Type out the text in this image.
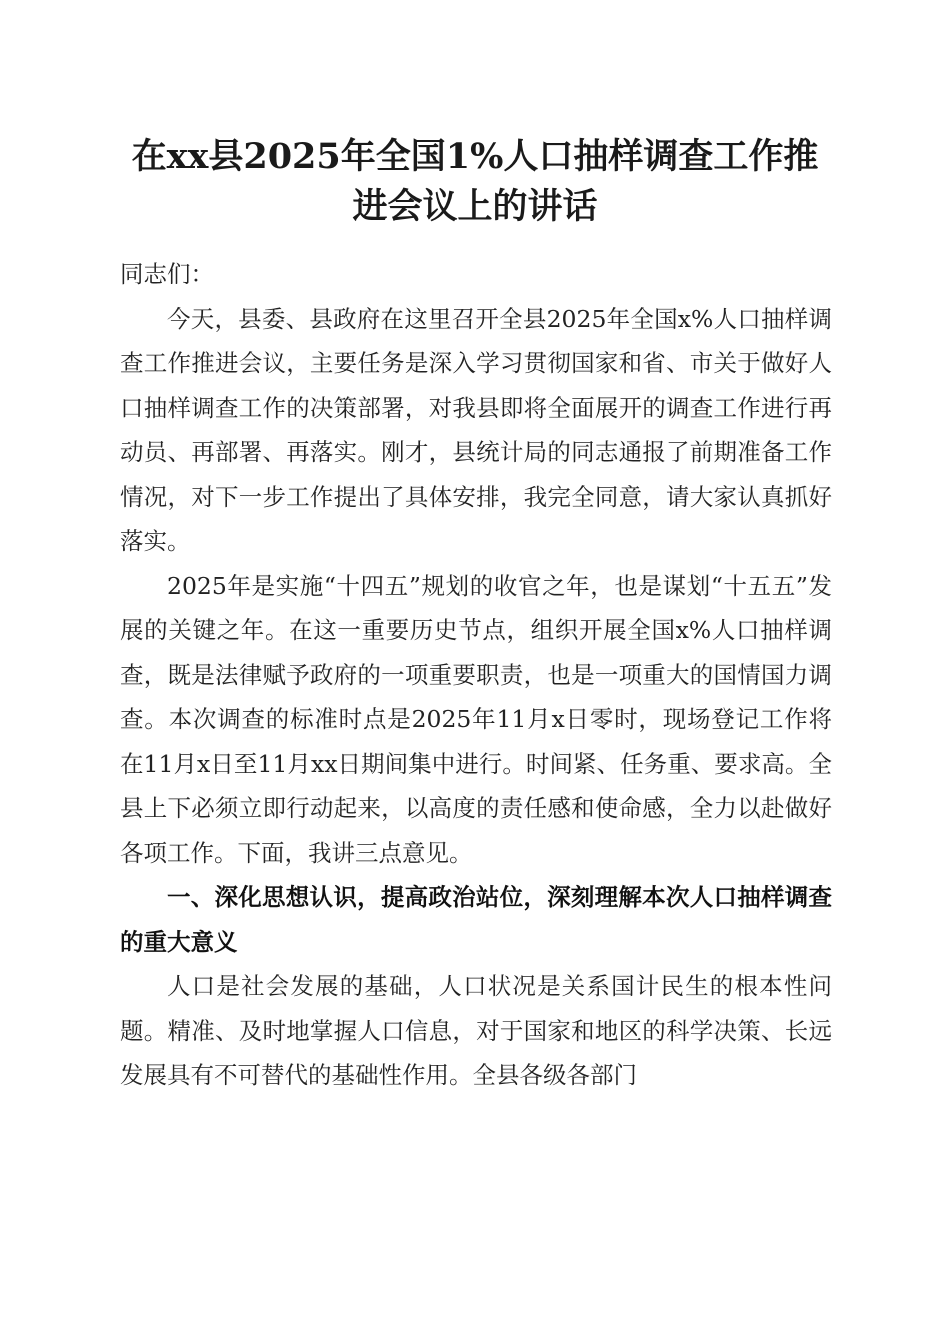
在xx县2025年全国1%人口抽样调查工作推
进会议上的讲话

同志们：

今天，县委、县政府在这里召开全县2025年全国x%人口抽样调查工作推进会议，主要任务是深入学习贯彻国家和省、市关于做好人口抽样调查工作的决策部署，对我县即将全面展开的调查工作进行再动员、再部署、再落实。刚才，县统计局的同志通报了前期准备工作情况，对下一步工作提出了具体安排，我完全同意，请大家认真抓好落实。

2025年是实施“十四五”规划的收官之年，也是谋划“十五五”发展的关键之年。在这一重要历史节点，组织开展全国x%人口抽样调查，既是法律赋予政府的一项重要职责，也是一项重大的国情国力调查。本次调查的标准时点是2025年11月x日零时，现场登记工作将在11月x日至11月xx日期间集中进行。时间紧、任务重、要求高。全县上下必须立即行动起来，以高度的责任感和使命感，全力以赴做好各项工作。下面，我讲三点意见。

一、深化思想认识，提高政治站位，深刻理解本次人口抽样调查的重大意义

人口是社会发展的基础，人口状况是关系国计民生的根本性问题。精准、及时地掌握人口信息，对于国家和地区的科学决策、长远发展具有不可替代的基础性作用。全县各级各部门
